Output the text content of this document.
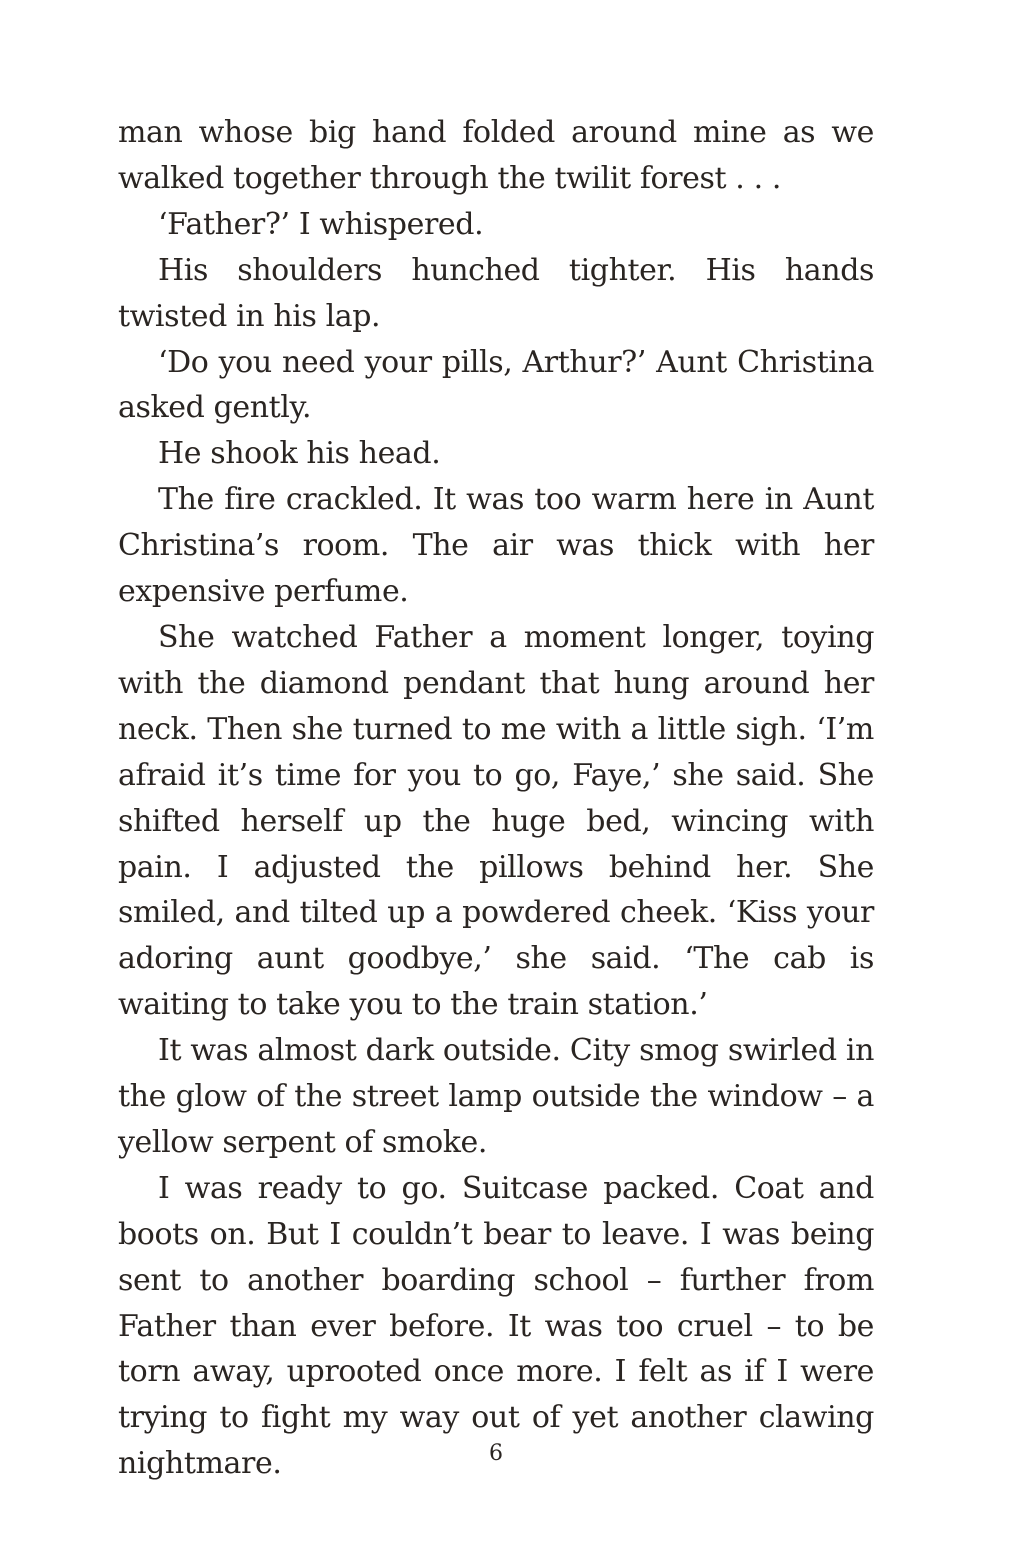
man whose big hand folded around mine as we walked together through the twilit forest . . .

‘Father?’ I whispered.

His shoulders hunched tighter. His hands twisted in his lap.

‘Do you need your pills, Arthur?’ Aunt Christina asked gently.

He shook his head.

The fire crackled. It was too warm here in Aunt Christina’s room. The air was thick with her expensive perfume.

She watched Father a moment longer, toying with the diamond pendant that hung around her neck. Then she turned to me with a little sigh. ‘I’m afraid it’s time for you to go, Faye,’ she said. She shifted herself up the huge bed, wincing with pain. I adjusted the pillows behind her. She smiled, and tilted up a powdered cheek. ‘Kiss your adoring aunt goodbye,’ she said. ‘The cab is waiting to take you to the train station.’

It was almost dark outside. City smog swirled in the glow of the street lamp outside the window – a yellow serpent of smoke.

I was ready to go. Suitcase packed. Coat and boots on. But I couldn’t bear to leave. I was being sent to another boarding school – further from Father than ever before. It was too cruel – to be torn away, uprooted once more. I felt as if I were trying to fight my way out of yet another clawing nightmare.	6
